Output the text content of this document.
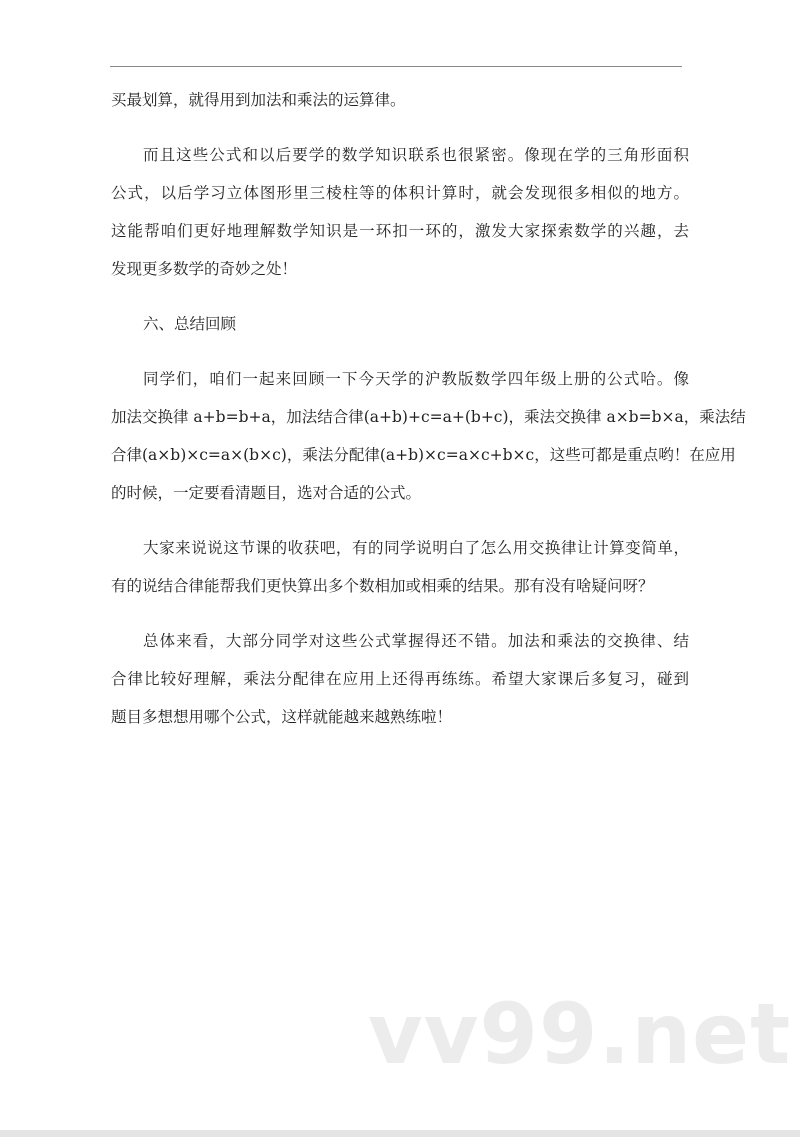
买最划算，就得用到加法和乘法的运算律。
而且这些公式和以后要学的数学知识联系也很紧密。像现在学的三角形面积
公式，以后学习立体图形里三棱柱等的体积计算时，就会发现很多相似的地方。
这能帮咱们更好地理解数学知识是一环扣一环的，激发大家探索数学的兴趣，去
发现更多数学的奇妙之处！
六、总结回顾
同学们，咱们一起来回顾一下今天学的沪教版数学四年级上册的公式哈。像
加法交换律 a+b=b+a，加法结合律(a+b)+c=a+(b+c)，乘法交换律 a×b=b×a，乘法结
合律(a×b)×c=a×(b×c)，乘法分配律(a+b)×c=a×c+b×c，这些可都是重点哟！在应用
的时候，一定要看清题目，选对合适的公式。
大家来说说这节课的收获吧，有的同学说明白了怎么用交换律让计算变简单，
有的说结合律能帮我们更快算出多个数相加或相乘的结果。那有没有啥疑问呀？
总体来看，大部分同学对这些公式掌握得还不错。加法和乘法的交换律、结
合律比较好理解，乘法分配律在应用上还得再练练。希望大家课后多复习，碰到
题目多想想用哪个公式，这样就能越来越熟练啦！
vv99.net
